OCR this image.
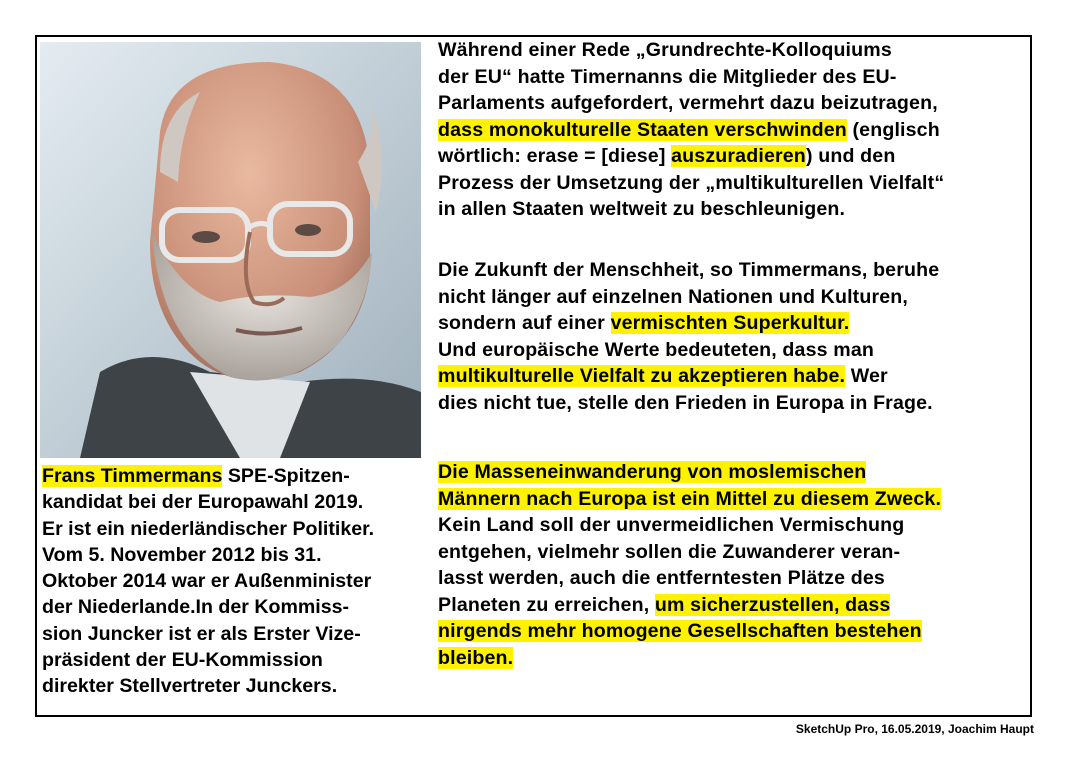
Während einer Rede „Grundrechte-Kolloquiums
der EU“ hatte Timernanns die Mitglieder des EU-
Parlaments aufgefordert, vermehrt dazu beizutragen,
dass monokulturelle Staaten verschwinden (englisch
wörtlich: erase = [diese] auszuradieren) und den
Prozess der Umsetzung der „multikulturellen Vielfalt“
in allen Staaten weltweit zu beschleunigen.
Die Zukunft der Menschheit, so Timmermans, beruhe
nicht länger auf einzelnen Nationen und Kulturen,
sondern auf einer vermischten Superkultur.
Und europäische Werte bedeuteten, dass man
multikulturelle Vielfalt zu akzeptieren habe. Wer
dies nicht tue, stelle den Frieden in Europa in Frage.
Die Masseneinwanderung von moslemischen
Männern nach Europa ist ein Mittel zu diesem Zweck.
Kein Land soll der unvermeidlichen Vermischung
entgehen, vielmehr sollen die Zuwanderer veran-
lasst werden, auch die entferntesten Plätze des
Planeten zu erreichen, um sicherzustellen, dass
nirgends mehr homogene Gesellschaften bestehen
bleiben.
Frans Timmermans SPE-Spitzen-
kandidat bei der Europawahl 2019.
Er ist ein niederländischer Politiker.
Vom 5. November 2012 bis 31.
Oktober 2014 war er Außenminister
der Niederlande.In der Kommiss-
sion Juncker ist er als Erster Vize-
präsident der EU-Kommission
direkter Stellvertreter Junckers.
SketchUp Pro, 16.05.2019, Joachim Haupt
